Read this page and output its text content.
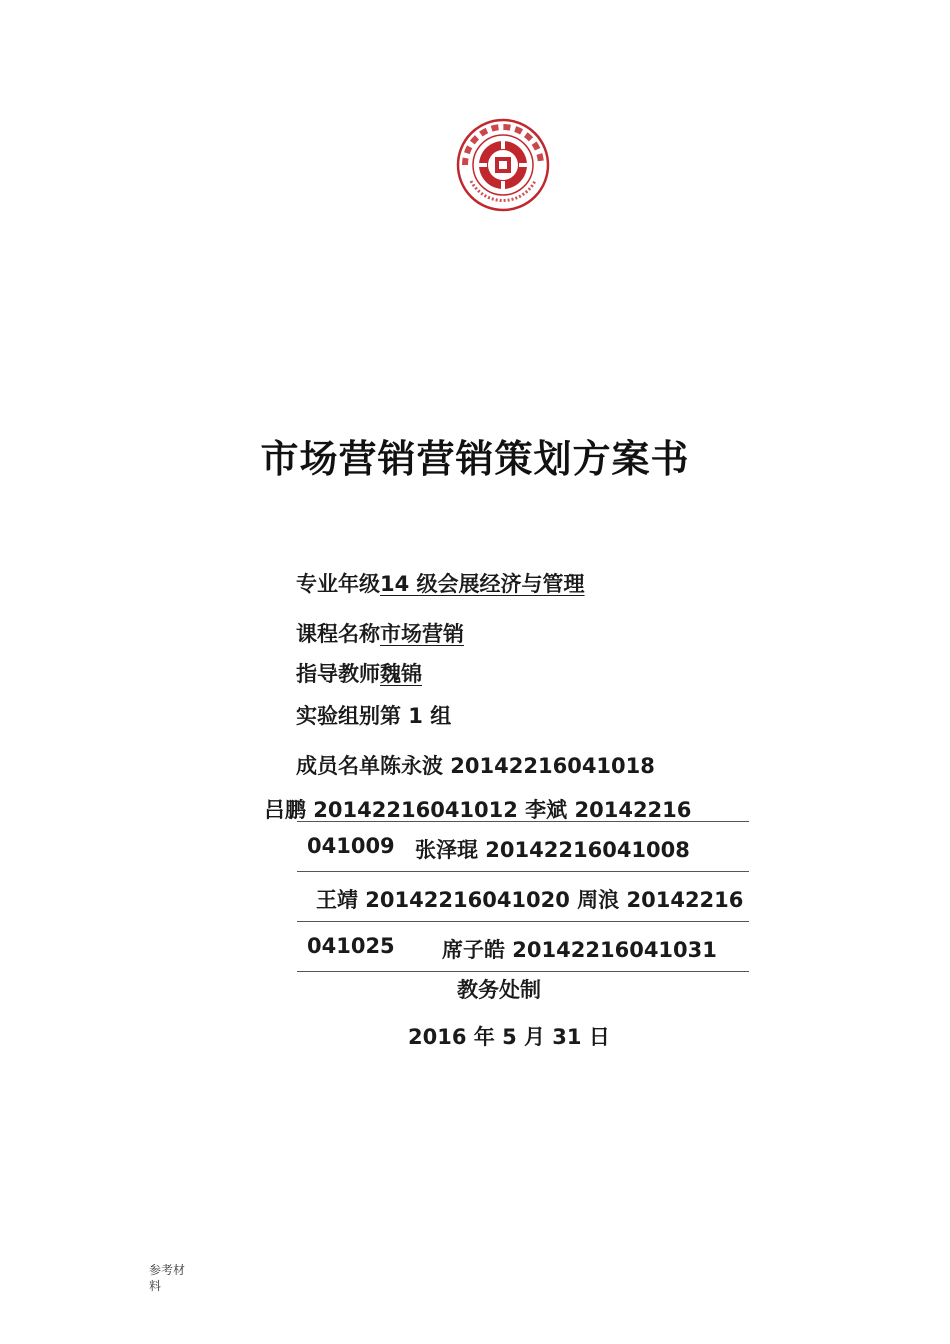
市场营销营销策划方案书
专业年级14 级会展经济与管理
课程名称市场营销
指导教师魏锦
实验组别第 1 组
成员名单陈永波 20142216041018
吕鹏 20142216041012 李斌 20142216
041009 张泽琨 20142216041008
王靖 20142216041020 周浪 20142216
041025 席子皓 20142216041031
教务处制
2016 年 5 月 31 日
参考材料
